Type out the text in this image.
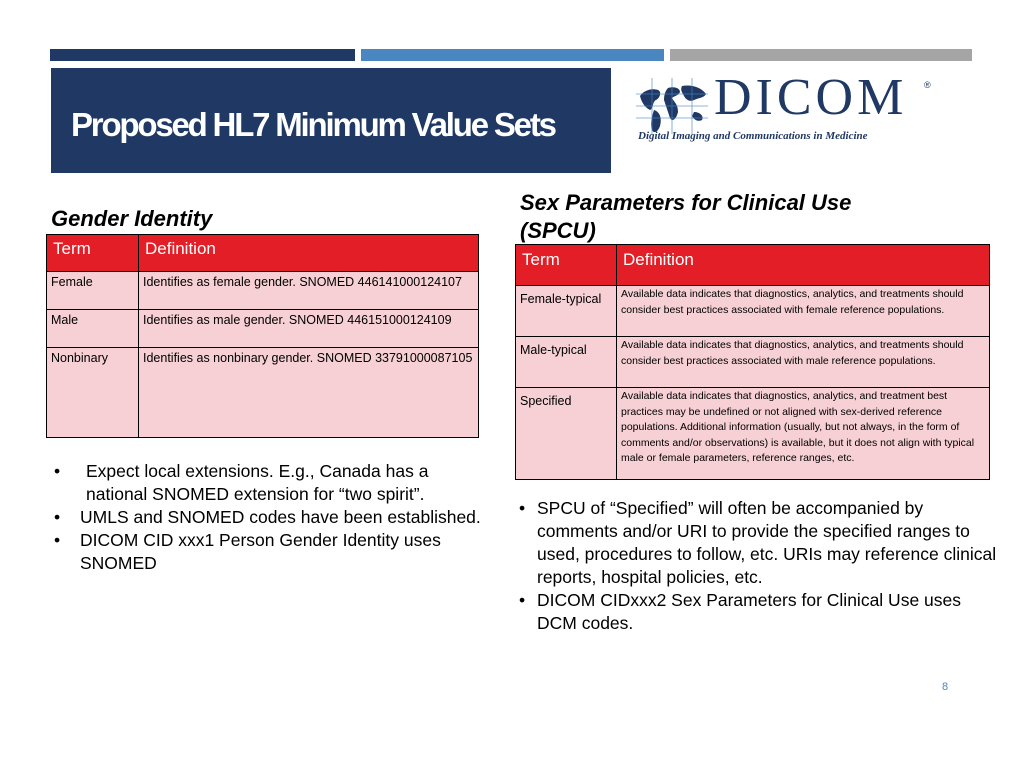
Proposed HL7 Minimum Value Sets	DICOM ®
Digital Imaging and Communications in Medicine
Gender Identity
Term	Definition
Female	Identifies as female gender. SNOMED 446141000124107
Male	Identifies as male gender. SNOMED 446151000124109
Nonbinary	Identifies as nonbinary gender. SNOMED 33791000087105
•	Expect local extensions. E.g., Canada has a national SNOMED extension for “two spirit”.
• UMLS and SNOMED codes have been established.
• DICOM CID xxx1 Person Gender Identity uses SNOMED
Sex Parameters for Clinical Use (SPCU)
Term	Definition
Female-typical	Available data indicates that diagnostics, analytics, and treatments should consider best practices associated with female reference populations.
Male-typical	Available data indicates that diagnostics, analytics, and treatments should consider best practices associated with male reference populations.
Specified	Available data indicates that diagnostics, analytics, and treatment best practices may be undefined or not aligned with sex-derived reference populations. Additional information (usually, but not always, in the form of comments and/or observations) is available, but it does not align with typical male or female parameters, reference ranges, etc.
• SPCU of “Specified” will often be accompanied by comments and/or URI to provide the specified ranges to used, procedures to follow, etc. URIs may reference clinical reports, hospital policies, etc.
• DICOM CIDxxx2 Sex Parameters for Clinical Use uses DCM codes.
8
